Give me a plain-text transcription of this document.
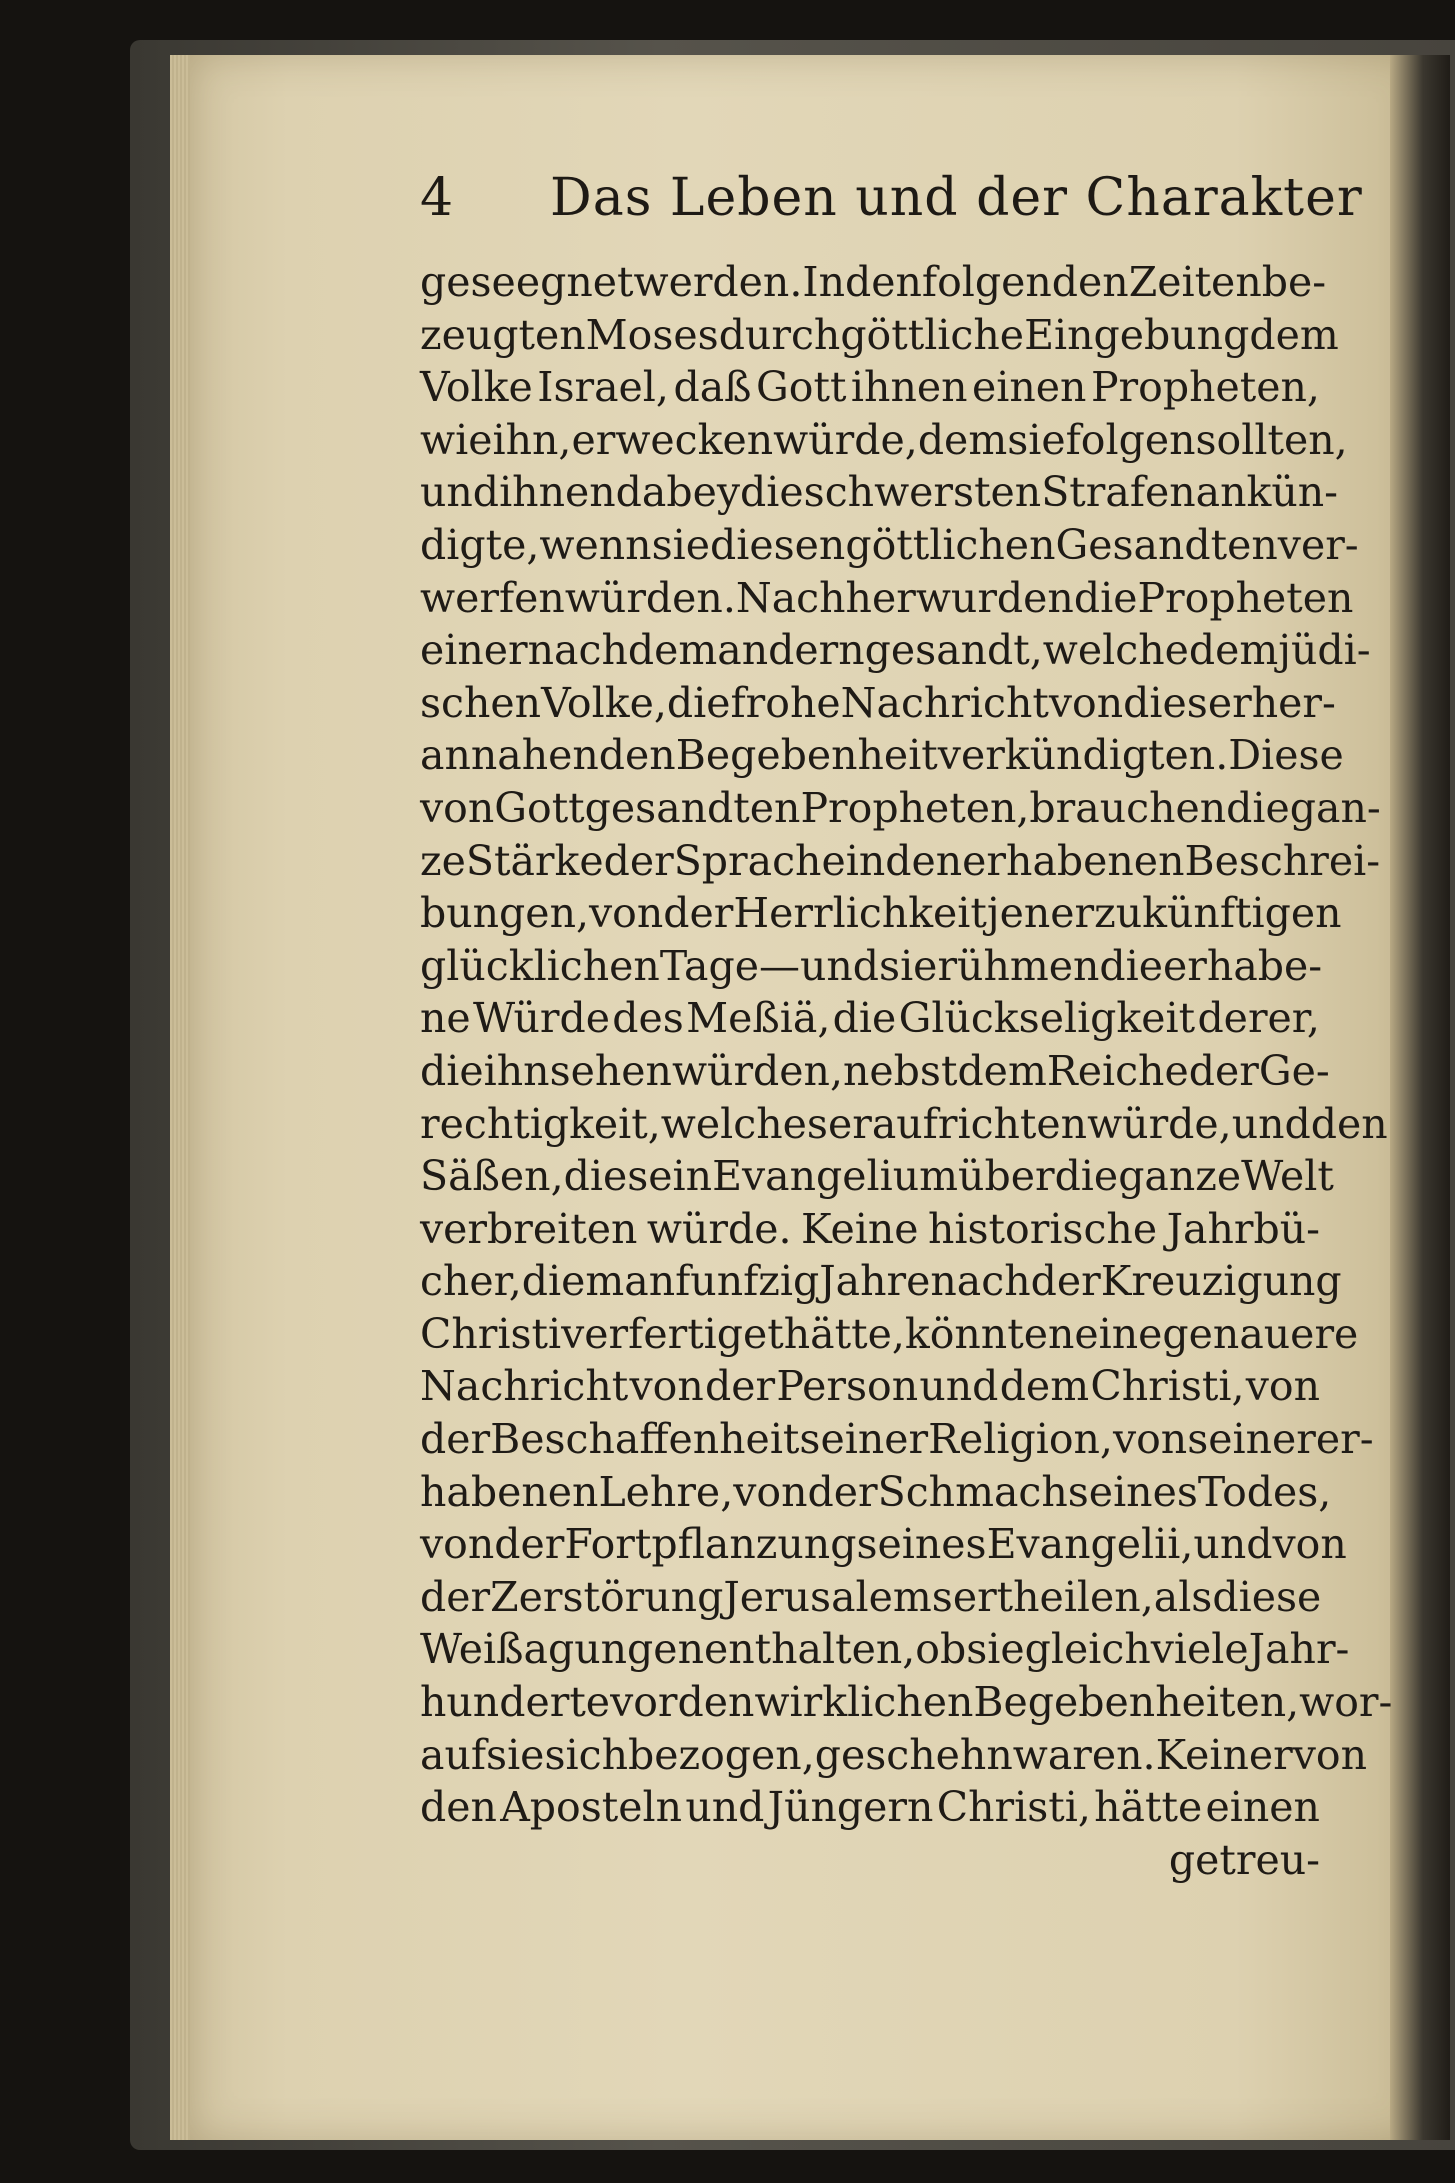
4 Das Leben und der Charakter
geseegnet werden. In den folgenden Zeiten be-
zeugten Moses durch göttliche Eingebung dem
Volke Israel, daß Gott ihnen einen Propheten,
wie ihn, erwecken würde, dem sie folgen sollten,
und ihnen dabey die schwersten Strafen ankün-
digte, wenn sie diesen göttlichen Gesandten ver-
werfen würden. Nachher wurden die Propheten
einer nach dem andern gesandt, welche dem jüdi-
schen Volke, die frohe Nachricht von dieser her-
annahenden Begebenheit verkündigten. Diese
von Gott gesandten Propheten, brauchen die gan-
ze Stärke der Sprache in den erhabenen Beschrei-
bungen, von der Herrlichkeit jener zukünftigen
glücklichen Tage — und sie rühmen die erhabe-
ne Würde des Meßiä, die Glückseligkeit derer,
die ihn sehen würden, nebst dem Reiche der Ge-
rechtigkeit, welches er aufrichten würde, und den
Säßen, die sein Evangelium über die ganze Welt
verbreiten würde. Keine historische Jahrbü-
cher, die man funfzig Jahre nach der Kreuzigung
Christi verfertiget hätte, könnten eine genauere
Nachricht von der Person und dem Christi, von
der Beschaffenheit seiner Religion, von seiner er-
habenen Lehre, von der Schmach seines Todes,
von der Fortpflanzung seines Evangelii, und von
der Zerstörung Jerusalems ertheilen, als diese
Weißagungen enthalten, ob sie gleich viele Jahr-
hunderte vor den wirklichen Begebenheiten, wor-
auf sie sich bezogen, geschehn waren. Keiner von
den Aposteln und Jüngern Christi, hätte einen
getreu-
